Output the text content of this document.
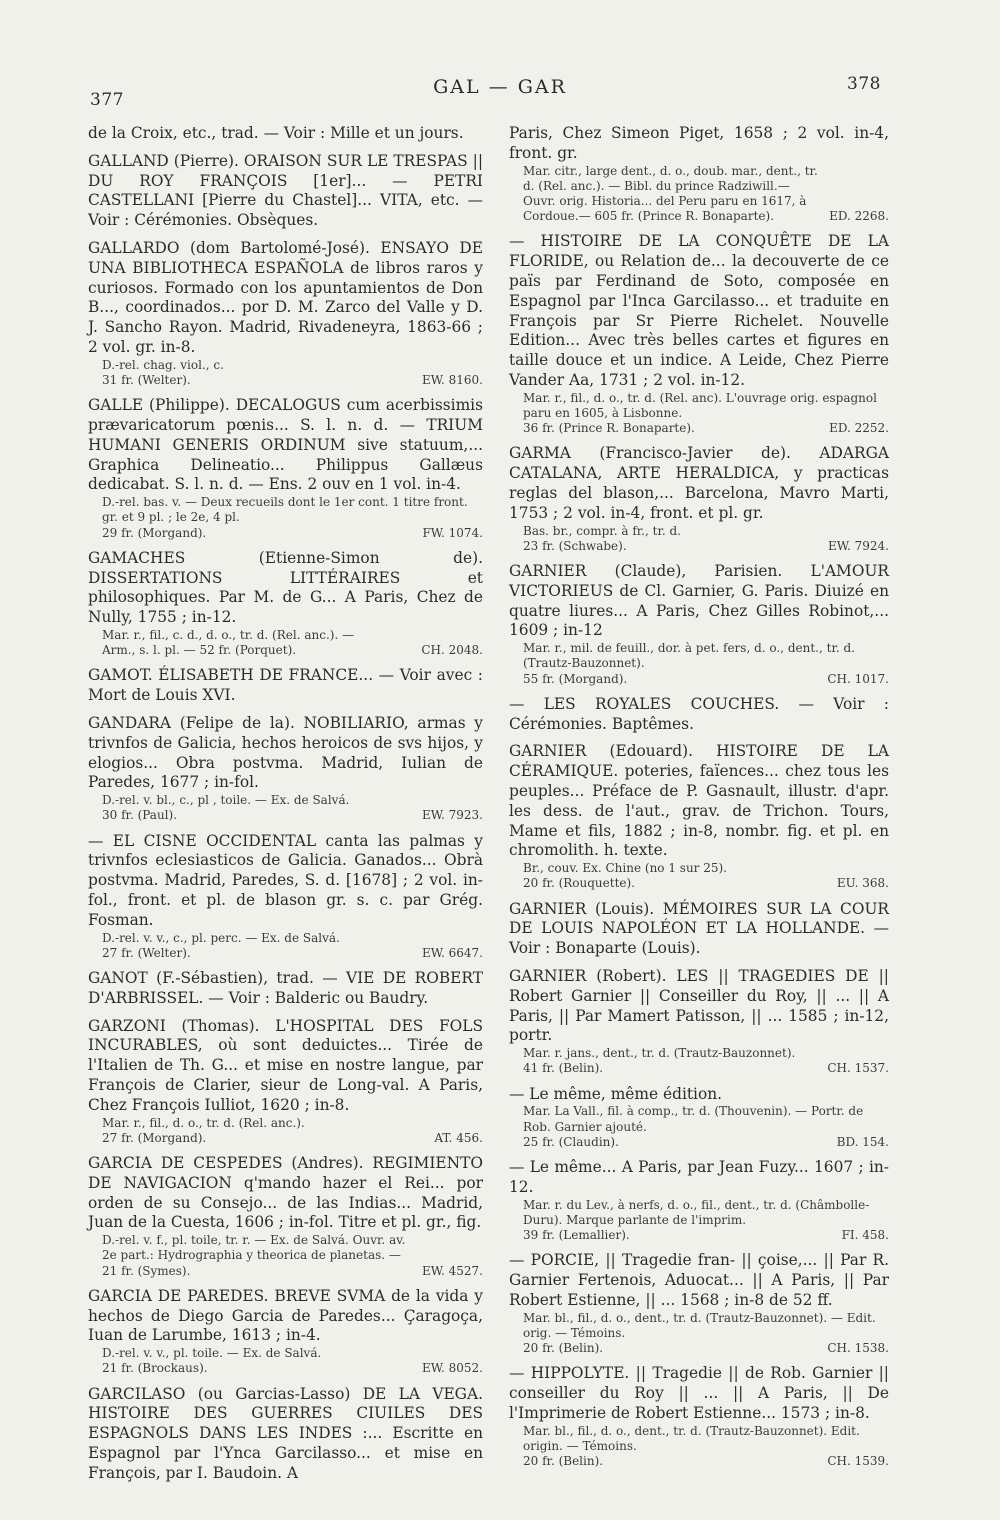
377
GAL — GAR	378

de la Croix, etc., trad. — Voir : Mille et un jours.

GALLAND (Pierre). ORAISON SUR LE TRESPAS || DU ROY FRANÇOIS [1er]... — PETRI CASTELLANI [Pierre du Chastel]... VITA, etc. — Voir : Cérémonies. Obsèques.

GALLARDO (dom Bartolomé-José). ENSAYO DE UNA BIBLIOTHECA ESPAÑOLA de libros raros y curiosos. Formado con los apuntamientos de Don B..., coordinados... por D. M. Zarco del Valle y D. J. Sancho Rayon. Madrid, Rivadeneyra, 1863-66 ; 2 vol. gr. in-8.

D.-rel. chag. viol., c.

31 fr. (Welter).	EW. 8160.

GALLE (Philippe). DECALOGUS cum acerbissimis prævaricatorum pœnis... S. l. n. d. — TRIUM HUMANI GENERIS ORDINUM sive statuum,... Graphica Delineatio... Philippus Gallæus dedicabat. S. l. n. d. — Ens. 2 ouv en 1 vol. in-4.

D.-rel. bas. v. — Deux recueils dont le 1er cont. 1 titre front. gr. et 9 pl. ; le 2e, 4 pl.

29 fr. (Morgand).	FW. 1074.

GAMACHES (Etienne-Simon de). DISSERTATIONS LITTÉRAIRES et philosophiques. Par M. de G... A Paris, Chez de Nully, 1755 ; in-12.

Mar. r., fil., c. d., d. o., tr. d. (Rel. anc.). —

Arm., s. l. pl. — 52 fr. (Porquet).	CH. 2048.

GAMOT. ÉLISABETH DE FRANCE... — Voir avec : Mort de Louis XVI.

GANDARA (Felipe de la). NOBILIARIO, armas y trivnfos de Galicia, hechos heroicos de svs hijos, y elogios... Obra postvma. Madrid, Iulian de Paredes, 1677 ; in-fol.

D.-rel. v. bl., c., pl , toile. — Ex. de Salvá.

30 fr. (Paul).	EW. 7923.

— EL CISNE OCCIDENTAL canta las palmas y trivnfos eclesiasticos de Galicia. Ganados... Obrà postvma. Madrid, Paredes, S. d. [1678] ; 2 vol. in-fol., front. et pl. de blason gr. s. c. par Grég. Fosman.

D.-rel. v. v., c., pl. perc. — Ex. de Salvá.

27 fr. (Welter).	EW. 6647.

GANOT (F.-Sébastien), trad. — VIE DE ROBERT D'ARBRISSEL. — Voir : Balderic ou Baudry.

GARZONI (Thomas). L'HOSPITAL DES FOLS INCURABLES, où sont deduictes... Tirée de l'Italien de Th. G... et mise en nostre langue, par François de Clarier, sieur de Long-val. A Paris, Chez François Iulliot, 1620 ; in-8.

Mar. r., fil., d. o., tr. d. (Rel. anc.).

27 fr. (Morgand).	AT. 456.

GARCIA DE CESPEDES (Andres). REGIMIENTO DE NAVIGACION q'mando hazer el Rei... por orden de su Consejo... de las Indias... Madrid, Juan de la Cuesta, 1606 ; in-fol. Titre et pl. gr., fig.

D.-rel. v. f., pl. toile, tr. r. — Ex. de Salvá. Ouvr. av. 2e part.: Hydrographia y theorica de planetas. — 21 fr. (Symes).	EW. 4527.

GARCIA DE PAREDES. BREVE SVMA de la vida y hechos de Diego Garcia de Paredes... Çaragoça, Iuan de Larumbe, 1613 ; in-4.

D.-rel. v. v., pl. toile. — Ex. de Salvá.

21 fr. (Brockaus).	EW. 8052.

GARCILASO (ou Garcias-Lasso) DE LA VEGA. HISTOIRE DES GUERRES CIUILES DES ESPAGNOLS DANS LES INDES :... Escritte en Espagnol par l'Ynca Garcilasso... et mise en François, par I. Baudoin. A

Paris, Chez Simeon Piget, 1658 ; 2 vol. in-4, front. gr.

Mar. citr., large dent., d. o., doub. mar., dent., tr. d. (Rel. anc.). — Bibl. du prince Radziwill.— Ouvr. orig. Historia... del Peru paru en 1617, à Cordoue.— 605 fr. (Prince R. Bonaparte).	ED. 2268.

— HISTOIRE DE LA CONQUÊTE DE LA FLORIDE, ou Relation de... la decouverte de ce païs par Ferdinand de Soto, composée en Espagnol par l'Inca Garcilasso... et traduite en François par Sr Pierre Richelet. Nouvelle Edition... Avec très belles cartes et figures en taille douce et un indice. A Leide, Chez Pierre Vander Aa, 1731 ; 2 vol. in-12.

Mar. r., fil., d. o., tr. d. (Rel. anc). L'ouvrage orig. espagnol paru en 1605, à Lisbonne.

36 fr. (Prince R. Bonaparte).	ED. 2252.

GARMA (Francisco-Javier de). ADARGA CATALANA, ARTE HERALDICA, y practicas reglas del blason,... Barcelona, Mavro Marti, 1753 ; 2 vol. in-4, front. et pl. gr.

Bas. br., compr. à fr., tr. d.

23 fr. (Schwabe).	EW. 7924.

GARNIER (Claude), Parisien. L'AMOUR VICTORIEUS de Cl. Garnier, G. Paris. Diuizé en quatre liures... A Paris, Chez Gilles Robinot,... 1609 ; in-12

Mar. r., mil. de feuill., dor. à pet. fers, d. o., dent., tr. d. (Trautz-Bauzonnet).

55 fr. (Morgand).	CH. 1017.

— LES ROYALES COUCHES. — Voir : Cérémonies. Baptêmes.

GARNIER (Edouard). HISTOIRE DE LA CÉRAMIQUE. poteries, faïences... chez tous les peuples... Préface de P. Gasnault, illustr. d'apr. les dess. de l'aut., grav. de Trichon. Tours, Mame et fils, 1882 ; in-8, nombr. fig. et pl. en chromolith. h. texte.

Br., couv. Ex. Chine (no 1 sur 25).

20 fr. (Rouquette).	EU. 368.

GARNIER (Louis). MÉMOIRES SUR LA COUR DE LOUIS NAPOLÉON ET LA HOLLANDE. — Voir : Bonaparte (Louis).

GARNIER (Robert). LES || TRAGEDIES DE || Robert Garnier || Conseiller du Roy, || ... || A Paris, || Par Mamert Patisson, || ... 1585 ; in-12, portr.

Mar. r. jans., dent., tr. d. (Trautz-Bauzonnet).

41 fr. (Belin).	CH. 1537.

— Le même, même édition.

Mar. La Vall., fil. à comp., tr. d. (Thouvenin). — Portr. de Rob. Garnier ajouté.

25 fr. (Claudin).	BD. 154.

— Le même... A Paris, par Jean Fuzy... 1607 ; in-12.

Mar. r. du Lev., à nerfs, d. o., fil., dent., tr. d. (Châmbolle-Duru). Marque parlante de l'imprim.

39 fr. (Lemallier).	FI. 458.

— PORCIE, || Tragedie fran- || çoise,... || Par R. Garnier Fertenois, Aduocat... || A Paris, || Par Robert Estienne, || ... 1568 ; in-8 de 52 ff.

Mar. bl., fil., d. o., dent., tr. d. (Trautz-Bauzonnet). — Edit. orig. — Témoins.

20 fr. (Belin).	CH. 1538.

— HIPPOLYTE. || Tragedie || de Rob. Garnier || conseiller du Roy || ... || A Paris, || De l'Imprimerie de Robert Estienne... 1573 ; in-8.

Mar. bl., fil., d. o., dent., tr. d. (Trautz-Bauzonnet). Edit. origin. — Témoins.

20 fr. (Belin).	CH. 1539.
